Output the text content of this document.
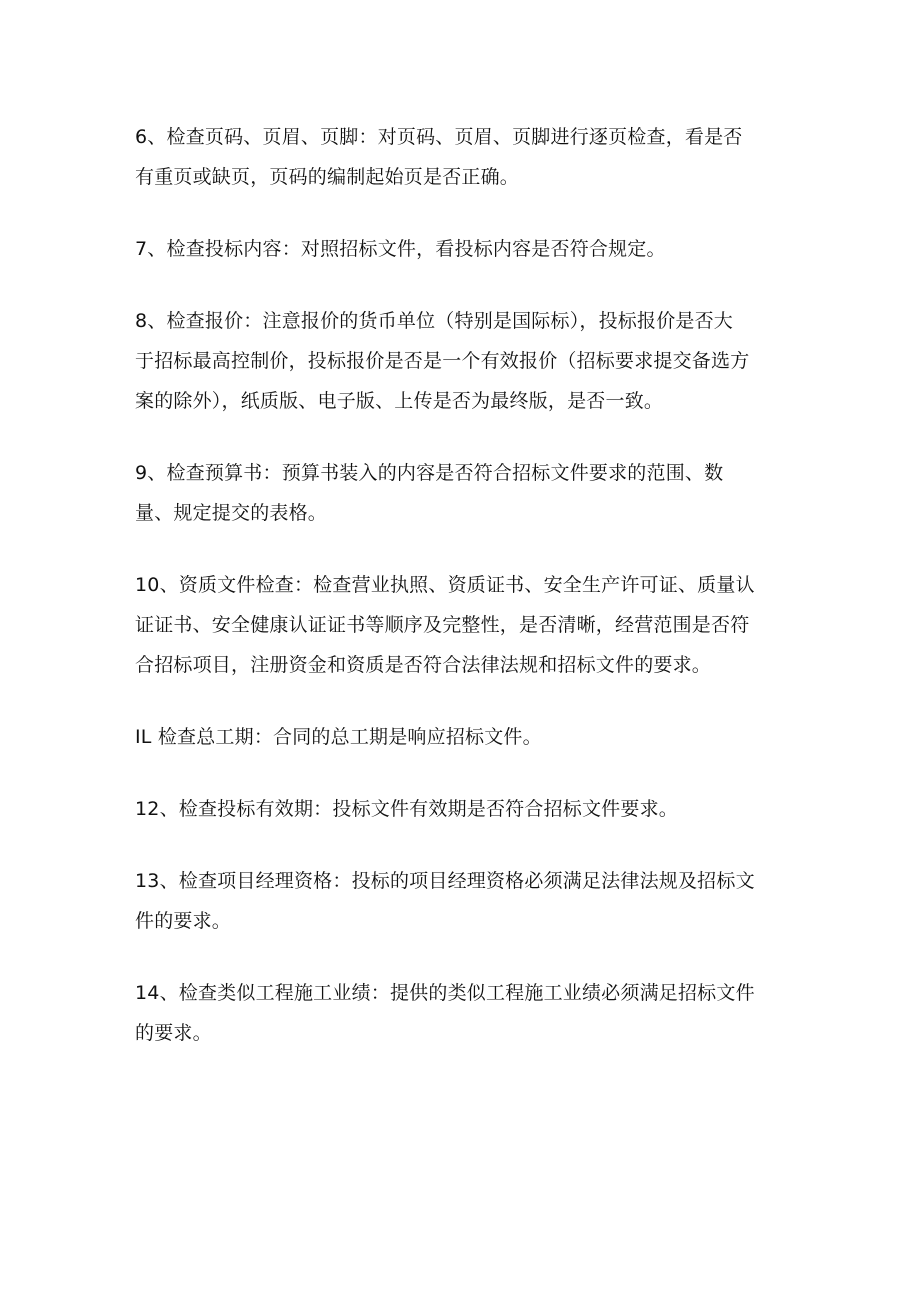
6、检查页码、页眉、页脚：对页码、页眉、页脚进行逐页检查，看是否
有重页或缺页，页码的编制起始页是否正确。

7、检查投标内容：对照招标文件，看投标内容是否符合规定。

8、检查报价：注意报价的货币单位（特别是国际标），投标报价是否大
于招标最高控制价，投标报价是否是一个有效报价（招标要求提交备选方
案的除外），纸质版、电子版、上传是否为最终版，是否一致。

9、检查预算书：预算书装入的内容是否符合招标文件要求的范围、数
量、规定提交的表格。

10、资质文件检查：检查营业执照、资质证书、安全生产许可证、质量认
证证书、安全健康认证证书等顺序及完整性，是否清晰，经营范围是否符
合招标项目，注册资金和资质是否符合法律法规和招标文件的要求。

IL 检查总工期：合同的总工期是响应招标文件。

12、检查投标有效期：投标文件有效期是否符合招标文件要求。

13、检查项目经理资格：投标的项目经理资格必须满足法律法规及招标文
件的要求。

14、检查类似工程施工业绩：提供的类似工程施工业绩必须满足招标文件
的要求。
